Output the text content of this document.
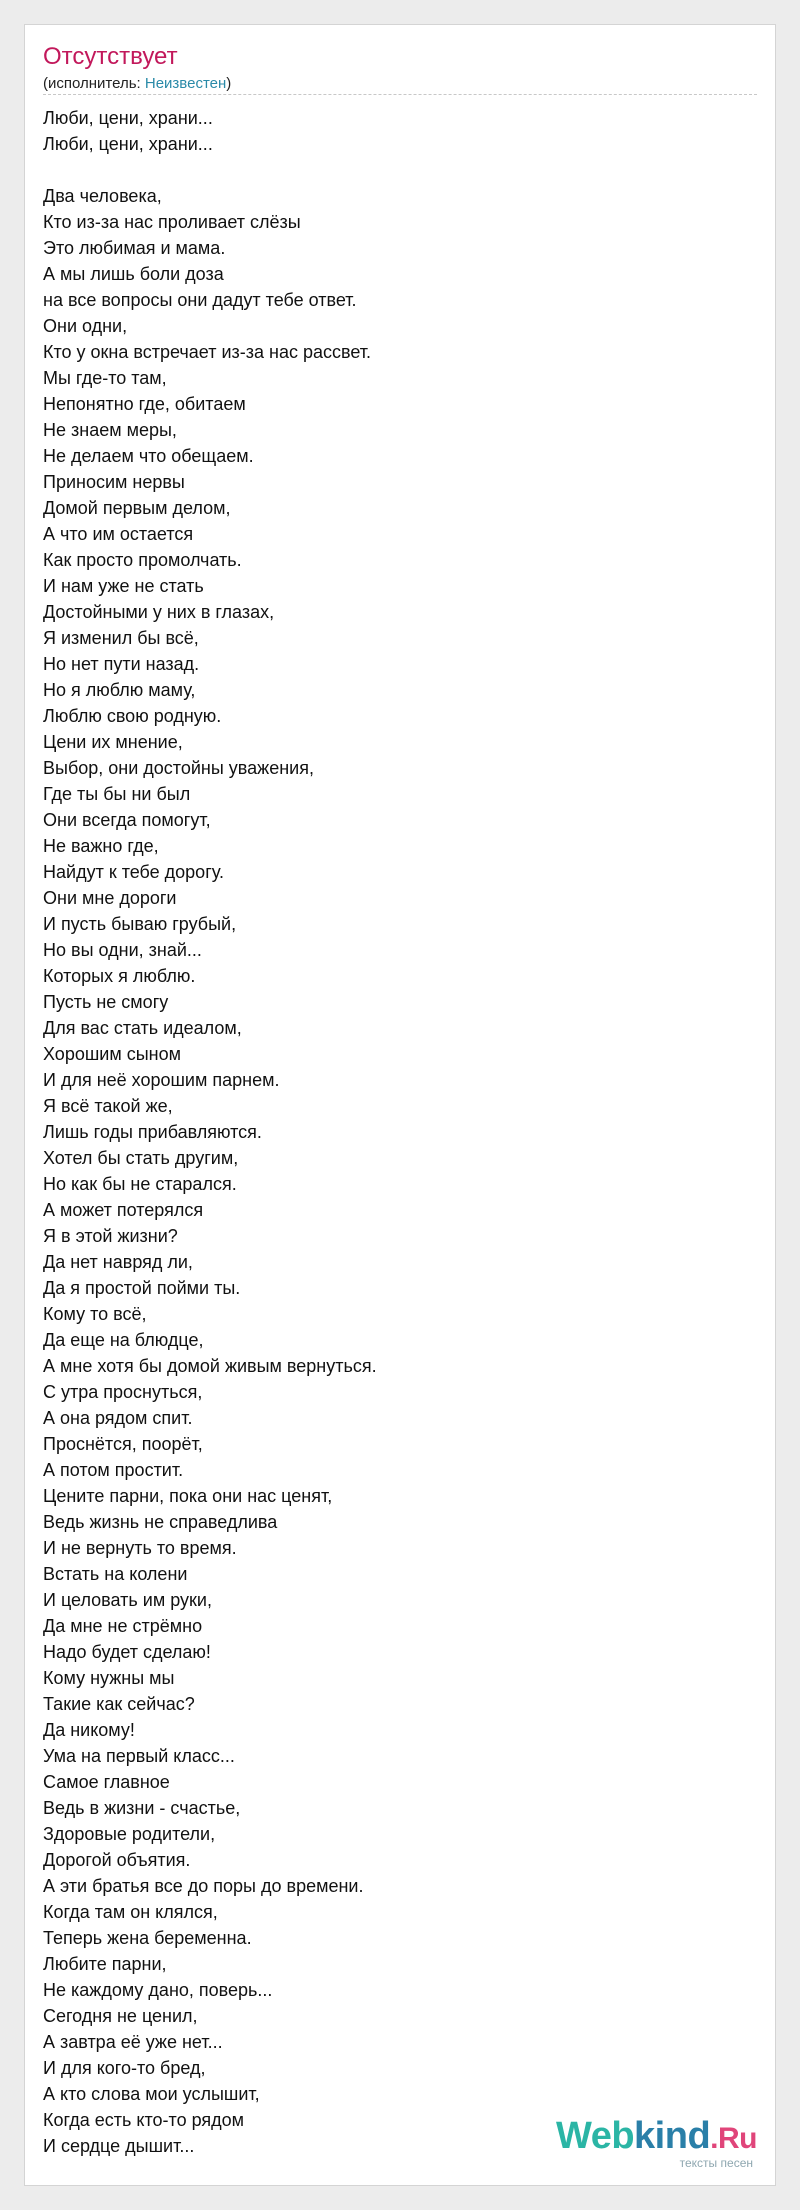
Отсутствует
(исполнитель: Неизвестен)
Люби, цени, храни...
Люби, цени, храни...
Два человека,
Кто из-за нас проливает слёзы
Это любимая и мама.
А мы лишь боли доза
на все вопросы они дадут тебе ответ.
Они одни,
Кто у окна встречает из-за нас рассвет.
Мы где-то там,
Непонятно где, обитаем
Не знаем меры,
Не делаем что обещаем.
Приносим нервы
Домой первым делом,
А что им остается
Как просто промолчать.
И нам уже не стать
Достойными у них в глазах,
Я изменил бы всё,
Но нет пути назад.
Но я люблю маму,
Люблю свою родную.
Цени их мнение,
Выбор, они достойны уважения,
Где ты бы ни был
Они всегда помогут,
Не важно где,
Найдут к тебе дорогу.
Они мне дороги
И пусть бываю грубый,
Но вы одни, знай...
Которых я люблю.
Пусть не смогу
Для вас стать идеалом,
Хорошим сыном
И для неё хорошим парнем.
Я всё такой же,
Лишь годы прибавляются.
Хотел бы стать другим,
Но как бы не старался.
А может потерялся
Я в этой жизни?
Да нет навряд ли,
Да я простой пойми ты.
Кому то всё,
Да еще на блюдце,
А мне хотя бы домой живым вернуться.
С утра проснуться,
А она рядом спит.
Проснётся, поорёт,
А потом простит.
Цените парни, пока они нас ценят,
Ведь жизнь не справедлива
И не вернуть то время.
Встать на колени
И целовать им руки,
Да мне не стрёмно
Надо будет сделаю!
Кому нужны мы
Такие как сейчас?
Да никому!
Ума на первый класс...
Самое главное
Ведь в жизни - счастье,
Здоровые родители,
Дорогой объятия.
А эти братья все до поры до времени.
Когда там он клялся,
Теперь жена беременна.
Любите парни,
Не каждому дано, поверь...
Сегодня не ценил,
А завтра её уже нет...
И для кого-то бред,
А кто слова мои услышит,
Когда есть кто-то рядом
И сердце дышит...	Webkind.Ru
тексты песен
